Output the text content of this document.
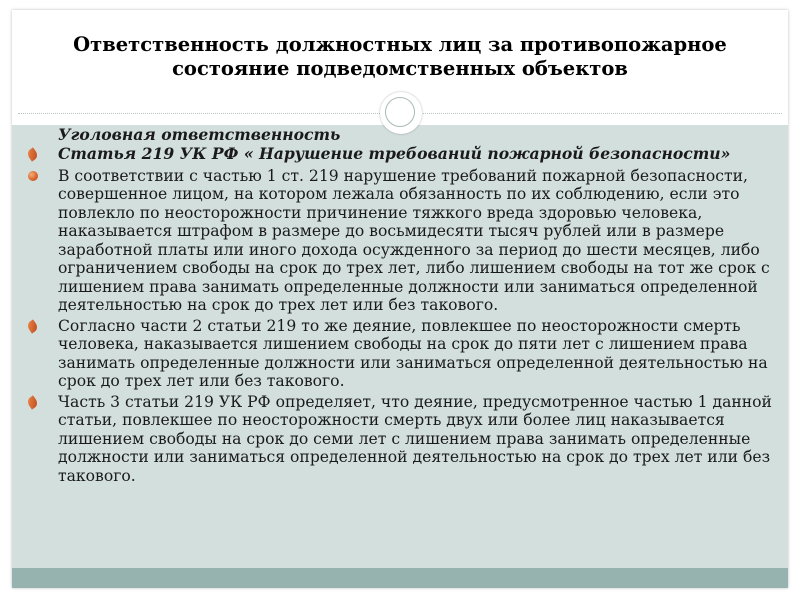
Ответственность должностных лиц за противопожарное состояние подведомственных объектов
Уголовная ответственность
Статья 219 УК РФ « Нарушение требований пожарной безопасности»
В соответствии с частью 1 ст. 219 нарушение требований пожарной безопасности, совершенное лицом, на котором лежала обязанность по их соблюдению, если это повлекло по неосторожности причинение тяжкого вреда здоровью человека, наказывается штрафом в размере до восьмидесяти тысяч рублей или в размере заработной платы или иного дохода осужденного за период до шести месяцев, либо ограничением свободы на срок до трех лет, либо лишением свободы на тот же срок с лишением права занимать определенные должности или заниматься определенной деятельностью на срок до трех лет или без такового.
Согласно части 2 статьи 219 то же деяние, повлекшее по неосторожности смерть человека, наказывается лишением свободы на срок до пяти лет с лишением права занимать определенные должности или заниматься определенной деятельностью на срок до трех лет или без такового.
Часть 3 статьи 219 УК РФ определяет, что деяние, предусмотренное частью 1 данной статьи, повлекшее по неосторожности смерть двух или более лиц наказывается лишением свободы на срок до семи лет с лишением права занимать определенные должности или заниматься определенной деятельностью на срок до трех лет или без такового.
